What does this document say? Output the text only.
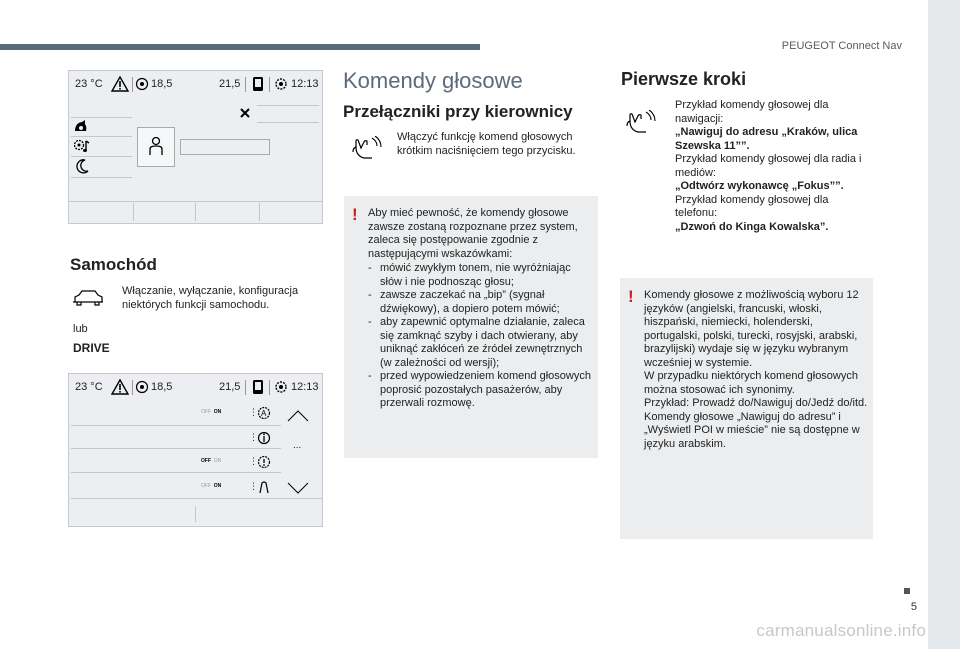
PEUGEOT Connect Nav
5
carmanualsonline.info
23 °C	18,5	21,5	12:13
Samochód
Włączanie, wyłączanie, konfiguracja niektórych funkcji samochodu.
lub
DRIVE
23 °C	18,5	21,5	12:13
OFF ON	⋮ A
⋮
...
OFF ON	⋮
OFF ON	⋮
Komendy głosowe
Przełączniki przy kierownicy
Włączyć funkcję komend głosowych krótkim naciśnięciem tego przycisku.
! Aby mieć pewność, że komendy głosowe zawsze zostaną rozpoznane przez system, zaleca się postępowanie zgodnie z następującymi wskazówkami:
- mówić zwykłym tonem, nie wyróżniając słów i nie podnosząc głosu;
- zawsze zaczekać na „bip” (sygnał dźwiękowy), a dopiero potem mówić;
- aby zapewnić optymalne działanie, zaleca się zamknąć szyby i dach otwierany, aby uniknąć zakłóceń ze źródeł zewnętrznych (w zależności od wersji);
- przed wypowiedzeniem komend głosowych poprosić pozostałych pasażerów, aby przerwali rozmowę.
Pierwsze kroki
Przykład komendy głosowej dla nawigacji:
„Nawiguj do adresu „Kraków, ulica Szewska 11””.
Przykład komendy głosowej dla radia i mediów:
„Odtwórz wykonawcę „Fokus””.
Przykład komendy głosowej dla telefonu:
„Dzwoń do Kinga Kowalska”.
! Komendy głosowe z możliwością wyboru 12 języków (angielski, francuski, włoski, hiszpański, niemiecki, holenderski, portugalski, polski, turecki, rosyjski, arabski, brazylijski) wydaje się w języku wybranym wcześniej w systemie.
W przypadku niektórych komend głosowych można stosować ich synonimy.
Przykład: Prowadź do/Nawiguj do/Jedź do/itd.
Komendy głosowe „Nawiguj do adresu” i „Wyświetl POI w mieście” nie są dostępne w języku arabskim.
